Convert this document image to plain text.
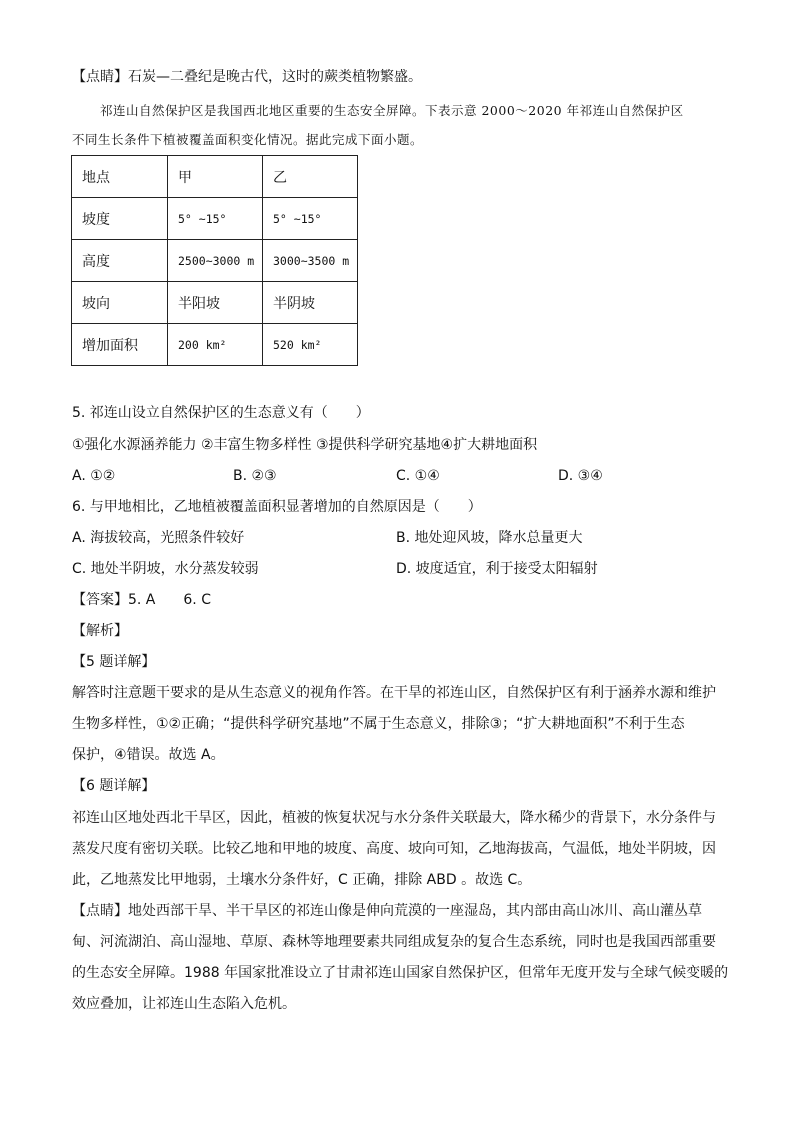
【点睛】石炭—二叠纪是晚古代，这时的蕨类植物繁盛。
祁连山自然保护区是我国西北地区重要的生态安全屏障。下表示意 2000～2020 年祁连山自然保护区
不同生长条件下植被覆盖面积变化情况。据此完成下面小题。
地点	甲	乙
坡度	5° ~15°	5° ~15°
高度	2500~3000 m	3000~3500 m
坡向	半阳坡	半阴坡
增加面积	200 km²	520 km²
5. 祁连山设立自然保护区的生态意义有（　　）
①强化水源涵养能力 ②丰富生物多样性 ③提供科学研究基地④扩大耕地面积
A. ①②	B. ②③	C. ①④	D. ③④
6. 与甲地相比，乙地植被覆盖面积显著增加的自然原因是（　　）
A. 海拔较高，光照条件较好	B. 地处迎风坡，降水总量更大
C. 地处半阴坡，水分蒸发较弱	D. 坡度适宜，利于接受太阳辐射
【答案】5. A　　6. C
【解析】
【5 题详解】
解答时注意题干要求的是从生态意义的视角作答。在干旱的祁连山区，自然保护区有利于涵养水源和维护
生物多样性，①②正确；“提供科学研究基地”不属于生态意义，排除③；“扩大耕地面积”不利于生态
保护，④错误。故选 A。
【6 题详解】
祁连山区地处西北干旱区，因此，植被的恢复状况与水分条件关联最大，降水稀少的背景下，水分条件与
蒸发尺度有密切关联。比较乙地和甲地的坡度、高度、坡向可知，乙地海拔高，气温低，地处半阴坡，因
此，乙地蒸发比甲地弱，土壤水分条件好，C 正确，排除 ABD 。故选 C。
【点睛】地处西部干旱、半干旱区的祁连山像是伸向荒漠的一座湿岛，其内部由高山冰川、高山灌丛草
甸、河流湖泊、高山湿地、草原、森林等地理要素共同组成复杂的复合生态系统，同时也是我国西部重要
的生态安全屏障。1988 年国家批准设立了甘肃祁连山国家自然保护区，但常年无度开发与全球气候变暖的
效应叠加，让祁连山生态陷入危机。
